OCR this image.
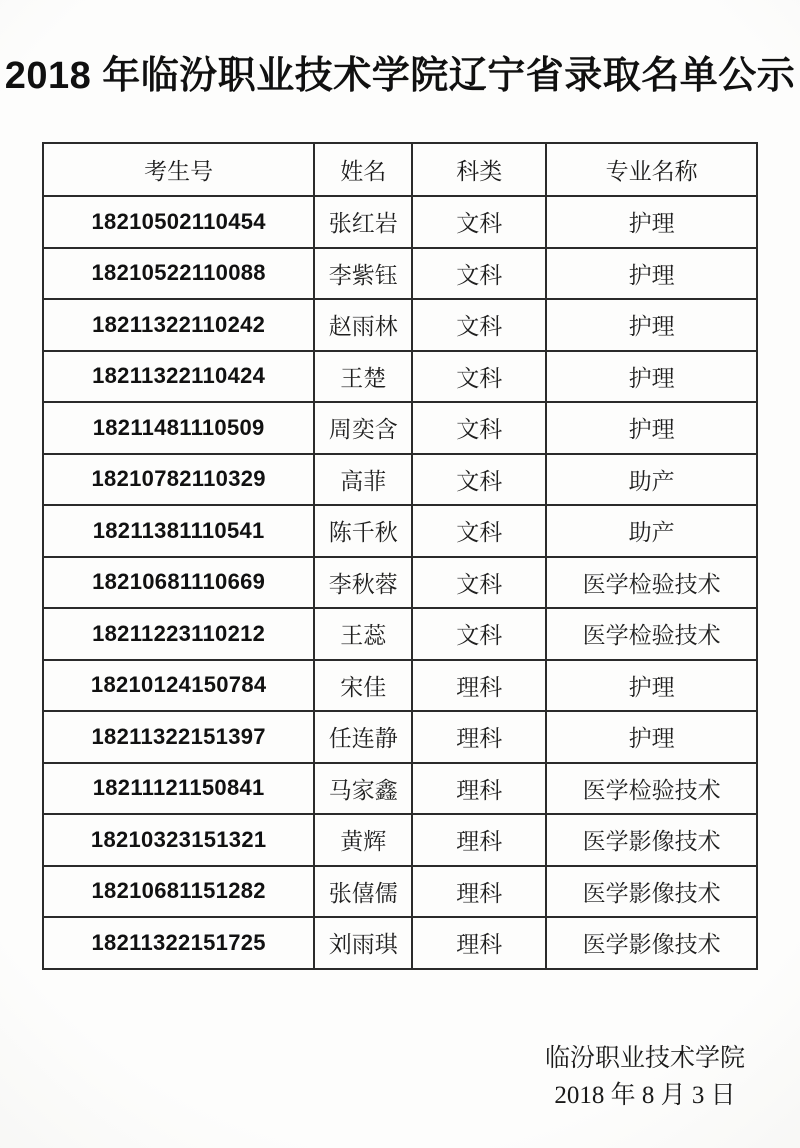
2018 年临汾职业技术学院辽宁省录取名单公示
考生号	姓名	科类	专业名称
18210502110454	张红岩	文科	护理
18210522110088	李紫钰	文科	护理
18211322110242	赵雨林	文科	护理
18211322110424	王楚	文科	护理
18211481110509	周奕含	文科	护理
18210782110329	高菲	文科	助产
18211381110541	陈千秋	文科	助产
18210681110669	李秋蓉	文科	医学检验技术
18211223110212	王蕊	文科	医学检验技术
18210124150784	宋佳	理科	护理
18211322151397	任连静	理科	护理
18211121150841	马家鑫	理科	医学检验技术
18210323151321	黄辉	理科	医学影像技术
18210681151282	张僖儒	理科	医学影像技术
18211322151725	刘雨琪	理科	医学影像技术
临汾职业技术学院
2018 年 8 月 3 日
